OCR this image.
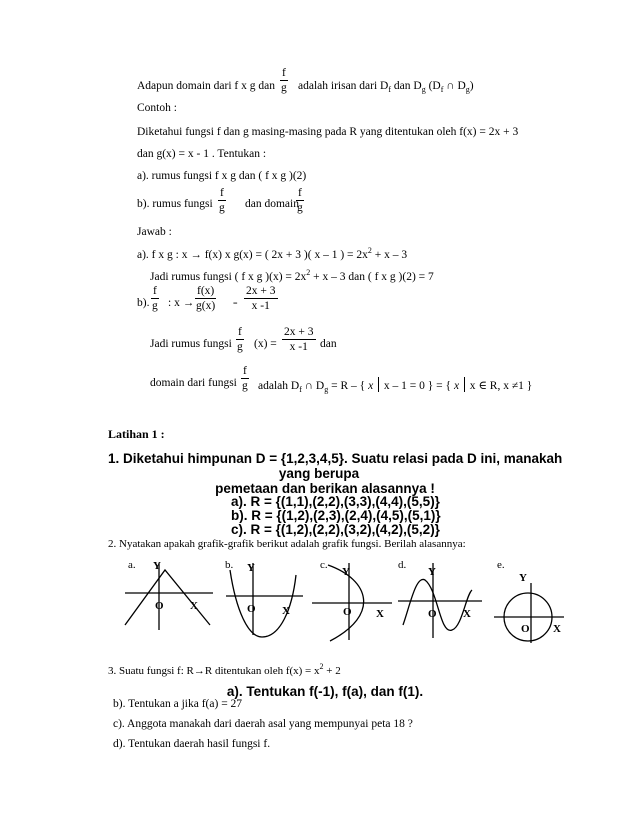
Adapun domain dari f x g dan $\frac{f}{g}$ adalah irisan dari $D_f$ dan $D_g$ ($D_f$ ∩ $D_g$)
Contoh :
Diketahui fungsi f dan g masing-masing pada R yang ditentukan oleh f(x) = 2x + 3
dan g(x) = x - 1 . Tentukan :
a). rumus fungsi f x g dan ( f x g )(2)
b). rumus fungsi $\frac{f}{g}$ dan domain
$\frac{f}{g}$
Jawab :
a). f x g : x → f(x) x g(x) = ( 2x + 3 )( x – 1 ) = $2x^2 + x - 3$
Jadi rumus fungsi ( f x g )$(x) = 2x^2 + x - 3$ dan ( f x g )(2) = 7
b). $\frac{f}{g}$ : $x \to \frac{f(x)}{g(x)} = \frac{2x + 3}{x -1}$
Jadi rumus fungsi $\frac{f}{g} (x) = \frac{2x + 3}{x -1}$ dan
domain dari fungsi $\frac{f}{g}$ adalah $D_f$ ∩ $D_g = R$ – { x x – 1 = 0 } = { x x ∈ R, x ≠1 }
Latihan 1 :
1. Diketahui himpunan D = {1,2,3,4,5}. Suatu relasi pada D ini, manakah
yang berupa
pemetaan dan berikan alasannya !
a). R = {(1,1),(2,2),(3,3),(4,4),(5,5)}
b). R = {(1,2),(2,3),(2,4),(4,5),(5,1)}
c). R = {(1,2),(2,2),(3,2),(4,2),(5,2)}
2. Nyatakan apakah grafik-grafik berikut adalah grafik fungsi. Berilah alasannya:
a.	b.	c.	d.	e.
Y
O X
Y
O X
Y
O X
Y
O X
Y
O X
3. Suatu fungsi f: R→R ditentukan oleh $f(x) = x^2 + 2$
a). Tentukan f(-1), f(a), dan f(1).
b). Tentukan a jika f(a) = 27
c). Anggota manakah dari daerah asal yang mempunyai peta 18 ?
d). Tentukan daerah hasil fungsi f.
